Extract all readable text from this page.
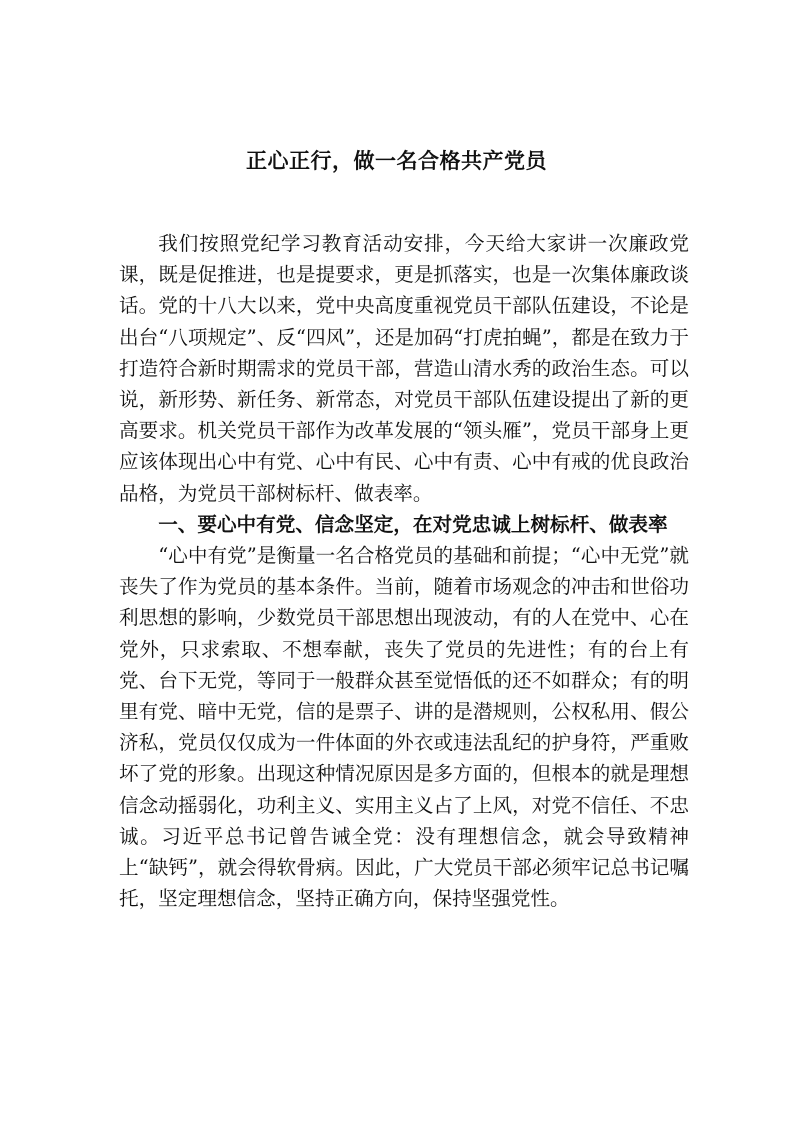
正心正行，做一名合格共产党员

我们按照党纪学习教育活动安排，今天给大家讲一次廉政党课，既是促推进，也是提要求，更是抓落实，也是一次集体廉政谈话。党的十八大以来，党中央高度重视党员干部队伍建设，不论是出台“八项规定”、反“四风”，还是加码“打虎拍蝇”，都是在致力于打造符合新时期需求的党员干部，营造山清水秀的政治生态。可以说，新形势、新任务、新常态，对党员干部队伍建设提出了新的更高要求。机关党员干部作为改革发展的“领头雁”，党员干部身上更应该体现出心中有党、心中有民、心中有责、心中有戒的优良政治品格，为党员干部树标杆、做表率。

一、要心中有党、信念坚定，在对党忠诚上树标杆、做表率

“心中有党”是衡量一名合格党员的基础和前提；“心中无党”就丧失了作为党员的基本条件。当前，随着市场观念的冲击和世俗功利思想的影响，少数党员干部思想出现波动，有的人在党中、心在党外，只求索取、不想奉献，丧失了党员的先进性；有的台上有党、台下无党，等同于一般群众甚至觉悟低的还不如群众；有的明里有党、暗中无党，信的是票子、讲的是潜规则，公权私用、假公济私，党员仅仅成为一件体面的外衣或违法乱纪的护身符，严重败坏了党的形象。出现这种情况原因是多方面的，但根本的就是理想信念动摇弱化，功利主义、实用主义占了上风，对党不信任、不忠诚。习近平总书记曾告诫全党：没有理想信念，就会导致精神上“缺钙”，就会得软骨病。因此，广大党员干部必须牢记总书记嘱托，坚定理想信念，坚持正确方向，保持坚强党性。
